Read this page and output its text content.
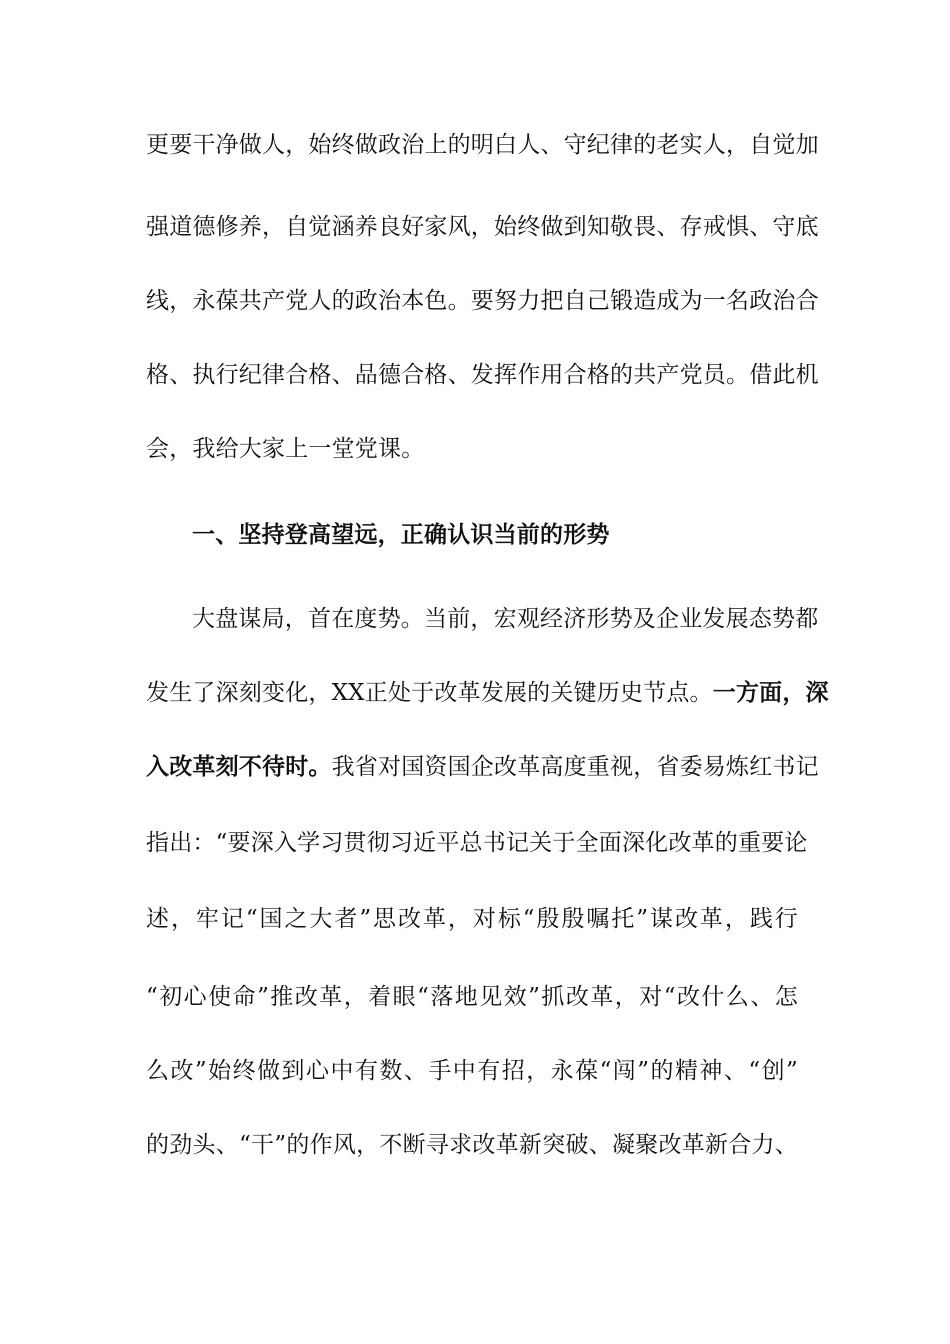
更要干净做人，始终做政治上的明白人、守纪律的老实人，自觉加
强道德修养，自觉涵养良好家风，始终做到知敬畏、存戒惧、守底
线，永葆共产党人的政治本色。要努力把自己锻造成为一名政治合
格、执行纪律合格、品德合格、发挥作用合格的共产党员。借此机
会，我给大家上一堂党课。
一、坚持登高望远，正确认识当前的形势
大盘谋局，首在度势。当前，宏观经济形势及企业发展态势都
发生了深刻变化，XX正处于改革发展的关键历史节点。一方面，深
入改革刻不待时。我省对国资国企改革高度重视，省委易炼红书记
指出：“要深入学习贯彻习近平总书记关于全面深化改革的重要论
述，牢记“国之大者”思改革，对标“殷殷嘱托”谋改革，践行
“初心使命”推改革，着眼“落地见效”抓改革，对“改什么、怎
么改”始终做到心中有数、手中有招，永葆“闯”的精神、“创”
的劲头、“干”的作风，不断寻求改革新突破、凝聚改革新合力、
